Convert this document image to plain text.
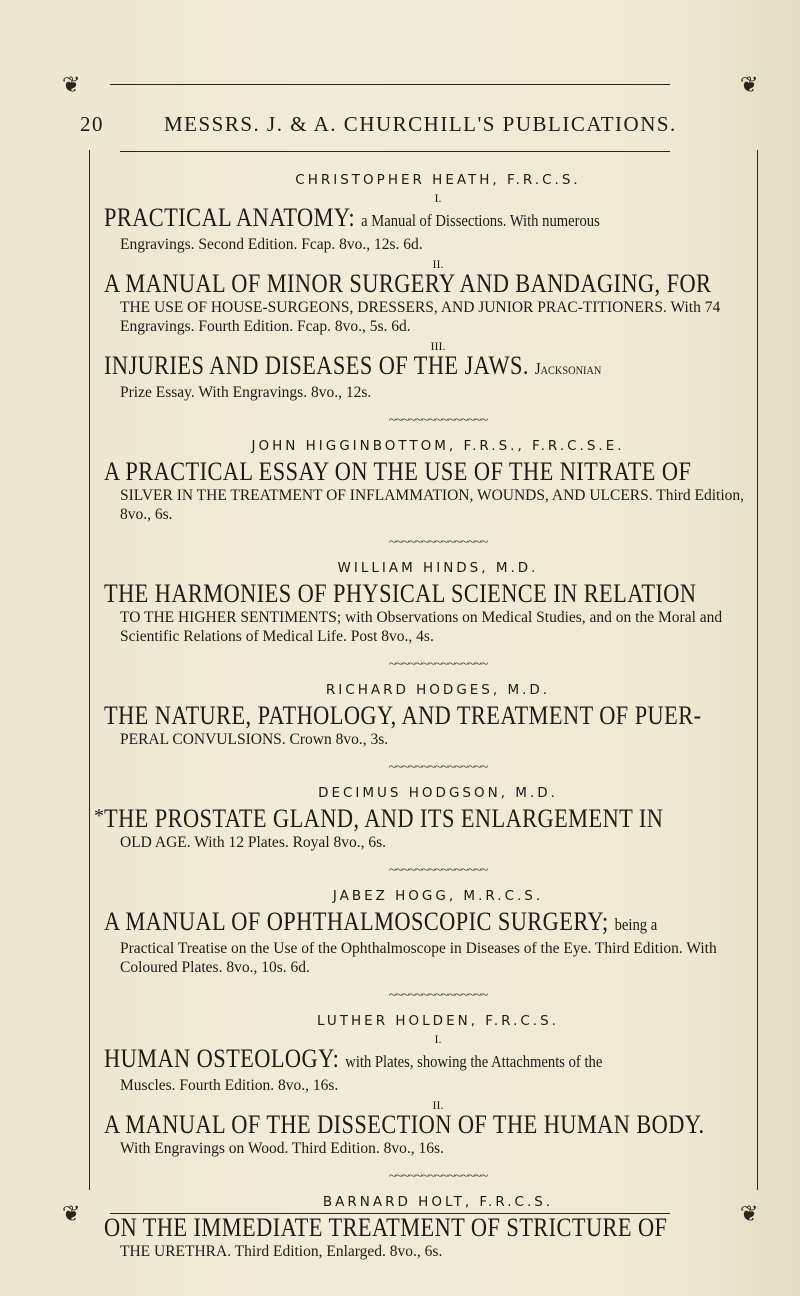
❦	❦
❦	❦
20	MESSRS. J. & A. CHURCHILL'S PUBLICATIONS.
CHRISTOPHER HEATH, F.R.C.S.
I.
PRACTICAL ANATOMY: a Manual of Dissections. With numerous

Engravings. Second Edition. Fcap. 8vo., 12s. 6d.

II.
A MANUAL OF MINOR SURGERY AND BANDAGING, FOR

THE USE OF HOUSE-SURGEONS, DRESSERS, AND JUNIOR PRAC-TITIONERS. With 74 Engravings. Fourth Edition. Fcap. 8vo., 5s. 6d.

III.
INJURIES AND DISEASES OF THE JAWS. Jacksonian

Prize Essay. With Engravings. 8vo., 12s.

~~~~~~~~~~~~~~~
JOHN HIGGINBOTTOM, F.R.S., F.R.C.S.E.
A PRACTICAL ESSAY ON THE USE OF THE NITRATE OF

SILVER IN THE TREATMENT OF INFLAMMATION, WOUNDS, AND ULCERS. Third Edition, 8vo., 6s.

~~~~~~~~~~~~~~~
WILLIAM HINDS, M.D.
THE HARMONIES OF PHYSICAL SCIENCE IN RELATION

TO THE HIGHER SENTIMENTS; with Observations on Medical Studies, and on the Moral and Scientific Relations of Medical Life. Post 8vo., 4s.

~~~~~~~~~~~~~~~
RICHARD HODGES, M.D.
THE NATURE, PATHOLOGY, AND TREATMENT OF PUER-

PERAL CONVULSIONS. Crown 8vo., 3s.

~~~~~~~~~~~~~~~
DECIMUS HODGSON, M.D.
* THE PROSTATE GLAND, AND ITS ENLARGEMENT IN

OLD AGE. With 12 Plates. Royal 8vo., 6s.

~~~~~~~~~~~~~~~
JABEZ HOGG, M.R.C.S.
A MANUAL OF OPHTHALMOSCOPIC SURGERY; being a

Practical Treatise on the Use of the Ophthalmoscope in Diseases of the Eye. Third Edition. With Coloured Plates. 8vo., 10s. 6d.

~~~~~~~~~~~~~~~
LUTHER HOLDEN, F.R.C.S.
I.
HUMAN OSTEOLOGY: with Plates, showing the Attachments of the

Muscles. Fourth Edition. 8vo., 16s.

II.
A MANUAL OF THE DISSECTION OF THE HUMAN BODY.

With Engravings on Wood. Third Edition. 8vo., 16s.

~~~~~~~~~~~~~~~
BARNARD HOLT, F.R.C.S.
ON THE IMMEDIATE TREATMENT OF STRICTURE OF

THE URETHRA. Third Edition, Enlarged. 8vo., 6s.
